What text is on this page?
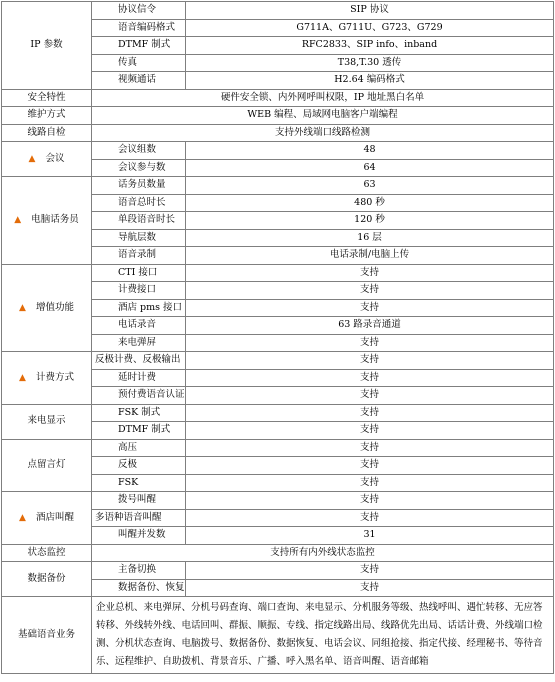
IP 参数	协议信令	SIP 协议
	语音编码格式	G711A、G711U、G723、G729
	DTMF 制式	RFC2833、SIP info、inband
	传真	T38,T.30 透传
	视频通话	H2.64 编码格式
安全特性	硬件安全锁、内外网呼叫权限，IP 地址黑白名单	
维护方式	WEB 编程、局域网电脑客户端编程	
线路自检	支持外线端口线路检测	
▲ 会议	会议组数	48
	会议参与数	64
▲ 电脑话务员	话务员数量	63
	语音总时长	480 秒
	单段语音时长	120 秒
	导航层数	16 层
	语音录制	电话录制/电脑上传
▲ 增值功能	CTI 接口	支持
	计费接口	支持
	酒店 pms 接口	支持
	电话录音	63 路录音通道
	来电弹屏	支持
▲ 计费方式	反极计费、反极输出	支持
	延时计费	支持
	预付费语音认证	支持
来电显示	FSK 制式	支持
	DTMF 制式	支持
点留言灯	高压	支持
	反极	支持
	FSK	支持
▲ 酒店叫醒	拨号叫醒	支持
	多语种语音叫醒	支持
	叫醒并发数	31
状态监控	支持所有内外线状态监控	
数据备份	主备切换	支持
	数据备份、恢复	支持
基础语音业务	企业总机、来电弹屏、分机号码查询、端口查询、来电显示、分机服务等级、热线呼叫、遇忙转移、无应答转移、外线转外线、电话回叫、群振、顺振、专线、指定线路出局、线路优先出局、话话计费、外线端口检测、分机状态查询、电脑拨号、数据备份、数据恢复、电话会议、同组抢接、指定代接、经理秘书、等待音乐、远程维护、自助拨机、背景音乐、广播、呼入黑名单、语音叫醒、语音邮箱	
